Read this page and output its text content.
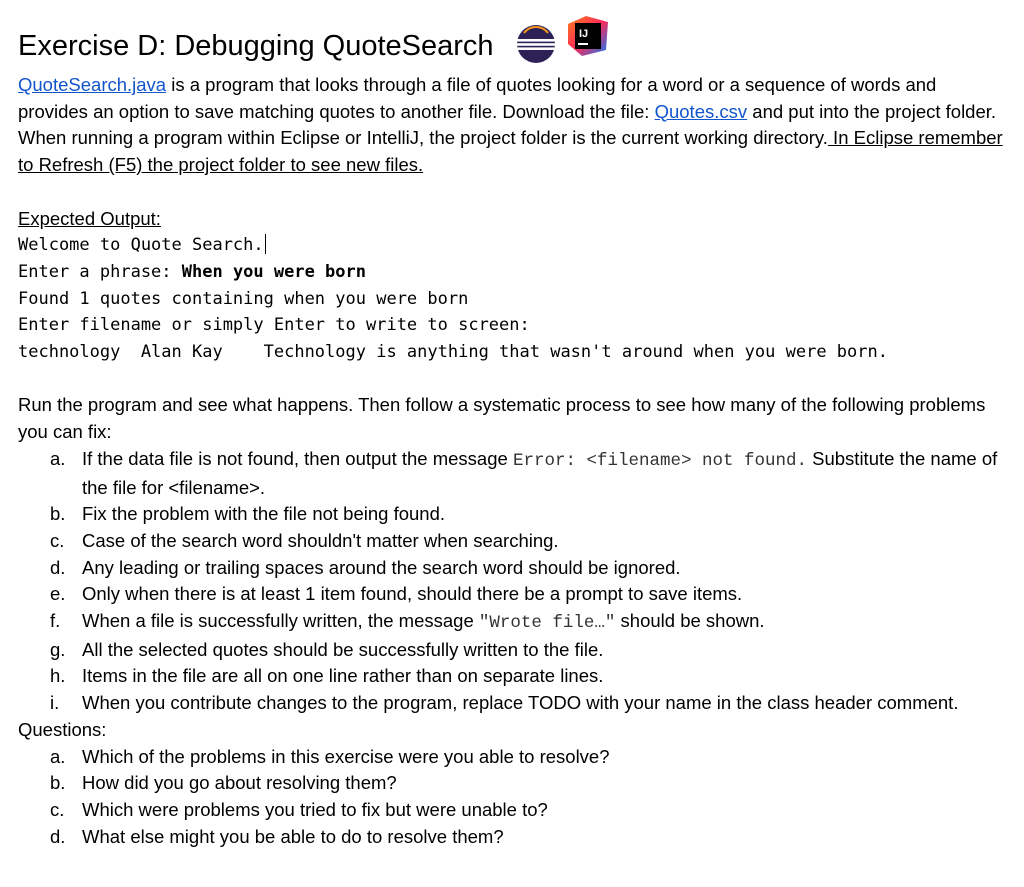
Exercise D: Debugging QuoteSearch	IJ

QuoteSearch.java is a program that looks through a file of quotes looking for a word or a sequence of words and provides an option to save matching quotes to another file. Download the file: Quotes.csv and put into the project folder. When running a program within Eclipse or IntelliJ, the project folder is the current working directory. In Eclipse remember to Refresh (F5) the project folder to see new files.

Expected Output:

Welcome to Quote Search.
Enter a phrase: When you were born
Found 1 quotes containing when you were born
Enter filename or simply Enter to write to screen:
technology  Alan Kay    Technology is anything that wasn't around when you were born.

Run the program and see what happens. Then follow a systematic process to see how many of the following problems you can fix:

a. If the data file is not found, then output the message Error: <filename> not found. Substitute the name of the file for <filename>.
b. Fix the problem with the file not being found.
c. Case of the search word shouldn't matter when searching.
d. Any leading or trailing spaces around the search word should be ignored.
e. Only when there is at least 1 item found, should there be a prompt to save items.
f.	When a file is successfully written, the message "Wrote file…" should be shown.
g. All the selected quotes should be successfully written to the file.
h. Items in the file are all on one line rather than on separate lines.
i.	When you contribute changes to the program, replace TODO with your name in the class header comment.

Questions:

a. Which of the problems in this exercise were you able to resolve?
b. How did you go about resolving them?
c. Which were problems you tried to fix but were unable to?
d. What else might you be able to do to resolve them?
